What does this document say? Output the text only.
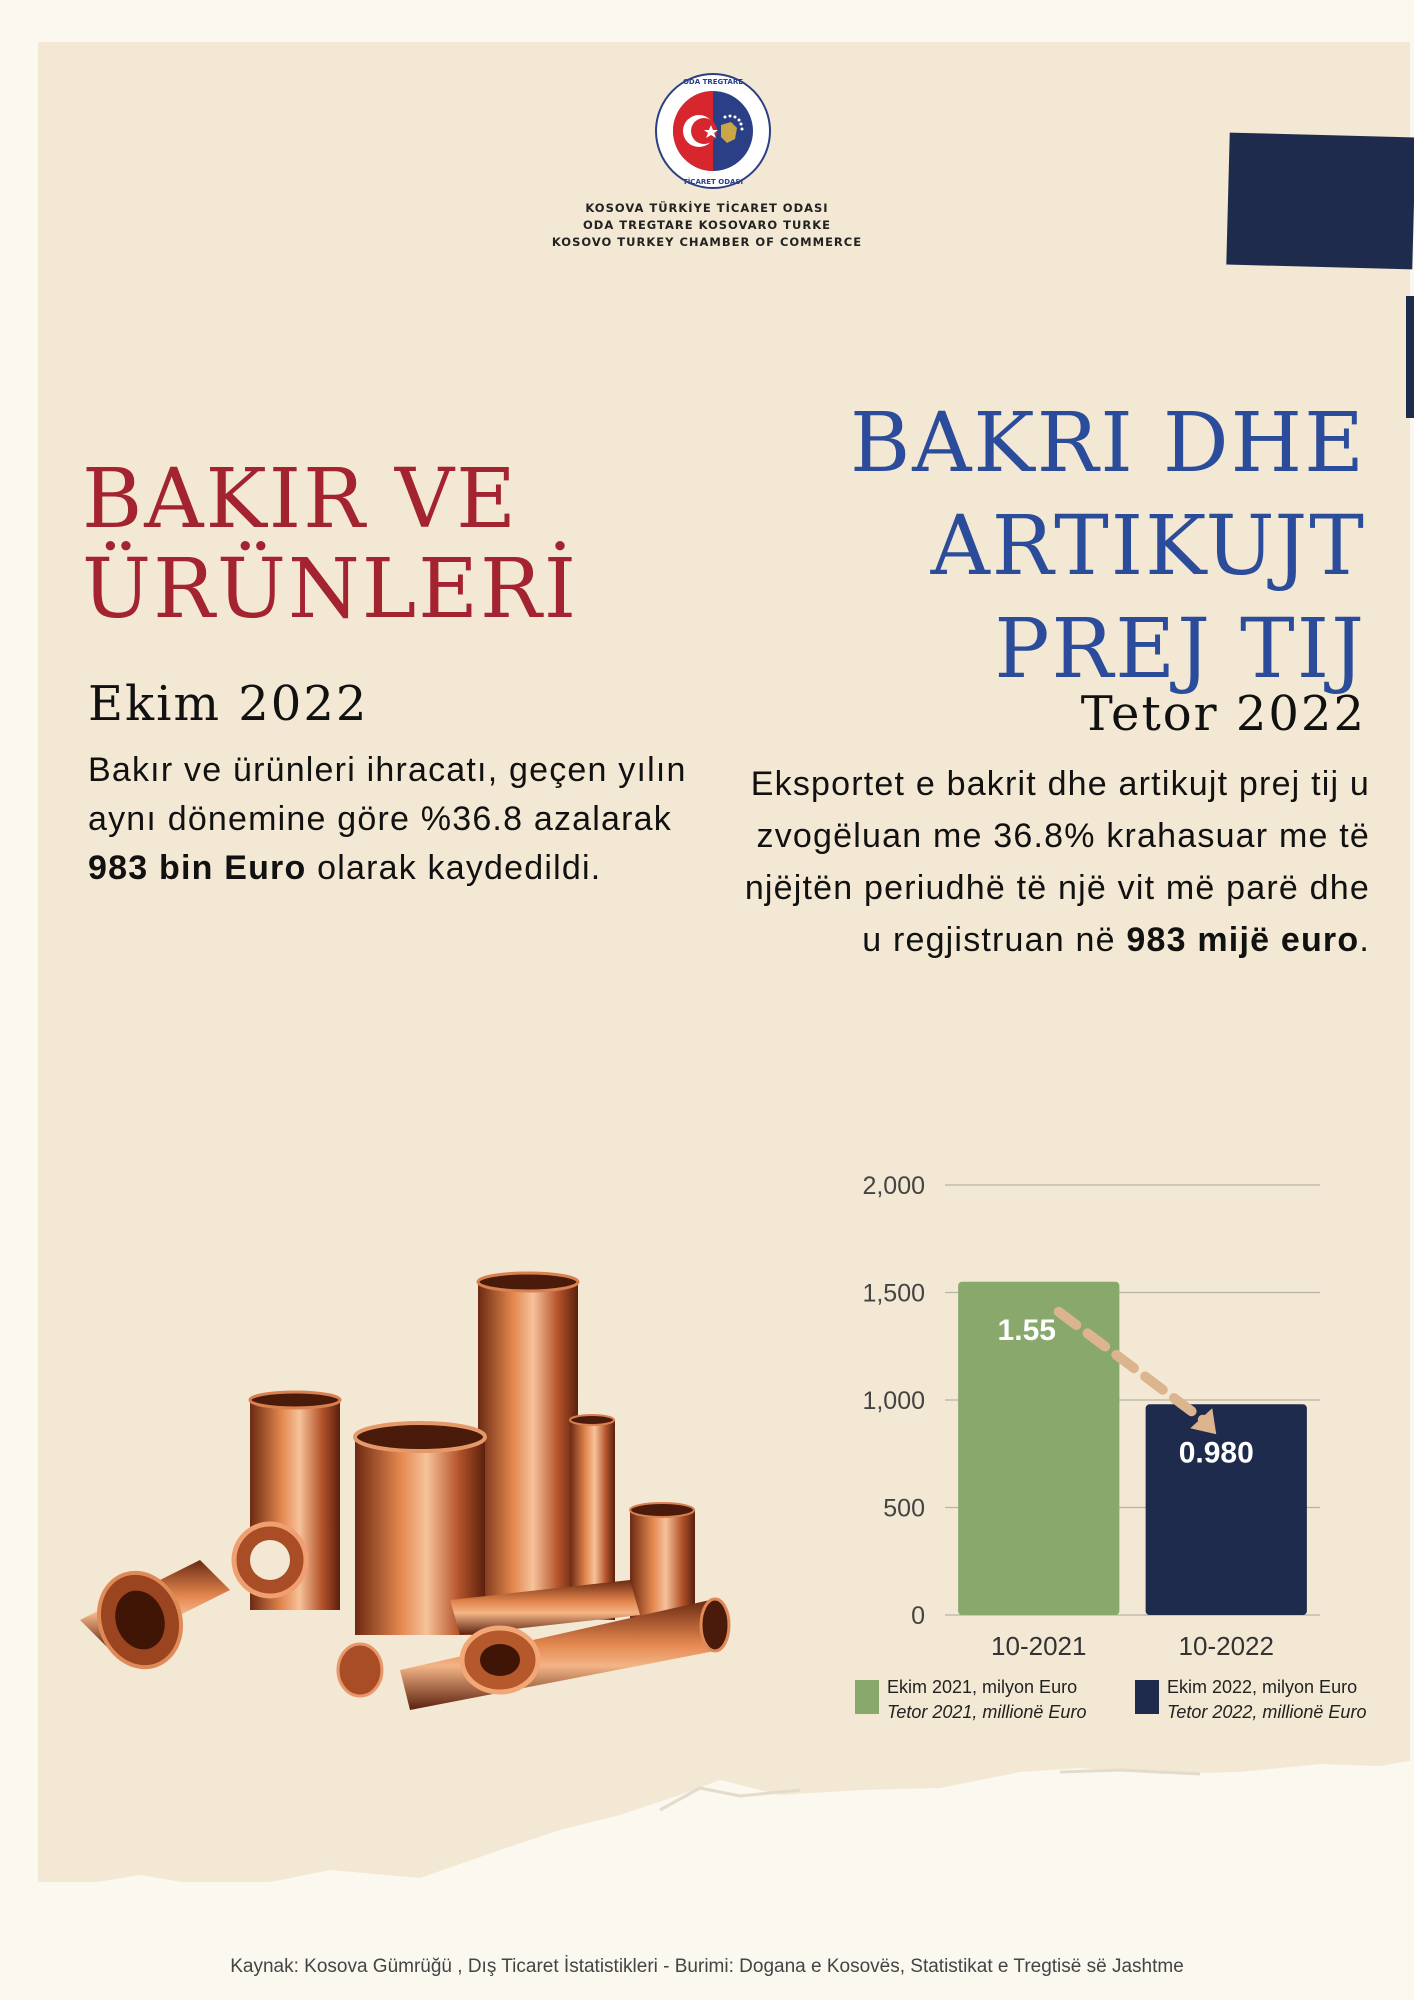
ODA TREGTARE
TİCARET ODASI
KOSOVA TÜRKİYE TİCARET ODASI
ODA TREGTARE KOSOVARO TURKE
KOSOVO TURKEY CHAMBER OF COMMERCE
BAKIR VE
ÜRÜNLERİ
Ekim 2022
Bakır ve ürünleri ihracatı, geçen yılın aynı dönemine göre %36.8 azalarak 983 bin Euro olarak kaydedildi.
BAKRI DHE
ARTIKUJT
PREJ TIJ
Tetor 2022
Eksportet e bakrit dhe artikujt prej tij u zvogëluan me 36.8% krahasuar me të njëjtën periudhë të një vit më parë dhe u regjistruan në 983 mijë euro.
0
500
1,000
1,500
2,000
10-2021	10-2022
1.55
0.980
Ekim 2021, milyon Euro
Tetor 2021, millionë Euro
Ekim 2022, milyon Euro
Tetor 2022, millionë Euro
Kaynak: Kosova Gümrüğü , Dış Ticaret İstatistikleri - Burimi: Dogana e Kosovës, Statistikat e Tregtisë së Jashtme
